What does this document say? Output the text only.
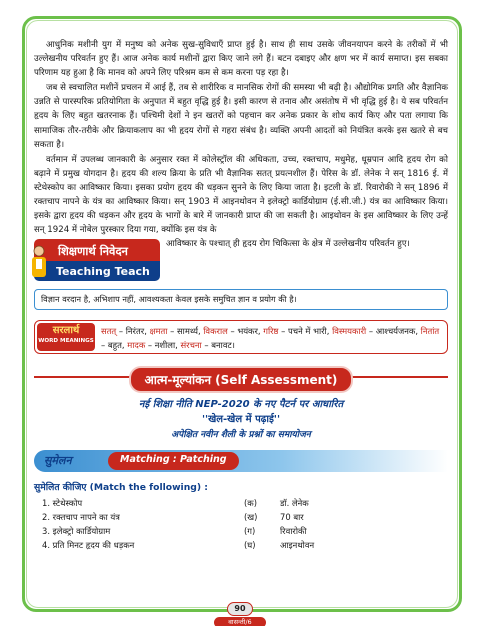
आधुनिक मशीनी युग में मनुष्य को अनेक सुख-सुविधाएँ प्राप्त हुई है। साथ ही साथ उसके जीवनयापन करने के तरीकों में भी उल्लेखनीय परिवर्तन हुए हैं। आज अनेक कार्य मशीनों द्वारा किए जाने लगे हैं। बटन दबाइए और क्षण भर में कार्य समाप्त। इस सबका परिणाम यह हुआ है कि मानव को अपने लिए परिश्रम कम से कम करना पड़ रहा है।

जब से स्वचालित मशीनें प्रचलन में आई हैं, तब से शारीरिक व मानसिक रोगों की समस्या भी बढ़ी है। औद्योगिक प्रगति और वैज्ञानिक उन्नति से पारस्परिक प्रतियोगिता के अनुपात में बहुत वृद्धि हुई है। इसी कारण से तनाव और असंतोष में भी वृद्धि हुई है। ये सब परिवर्तन हृदय के लिए बहुत खतरनाक हैं। पश्चिमी देशों ने इन खतरों को पहचान कर अनेक प्रकार के शोध कार्य किए और पता लगाया कि सामाजिक तौर-तरीके और क्रियाकलाप का भी हृदय रोगों से गहरा संबंध है। व्यक्ति अपनी आदतों को नियंत्रित करके इस खतरे से बच सकता है।

वर्तमान में उपलब्ध जानकारी के अनुसार रक्त में कोलेस्ट्रॉल की अधिकता, उच्च, रक्तचाप, मधुमेह, धूम्रपान आदि हृदय रोग को बढ़ाने में प्रमुख योगदान है। हृदय की शल्य क्रिया के प्रति भी वैज्ञानिक सतत् प्रयत्नशील हैं। पेरिस के डॉ. लेनेक ने सन् 1816 ई. में स्टेथेस्कोप का आविष्कार किया। इसका प्रयोग हृदय की धड़कन सुनने के लिए किया जाता है। इटली के डॉ. रिवारोकी ने सन् 1896 में रक्तचाप नापने के यंत्र का आविष्कार किया। सन् 1903 में आइनथोवन ने इलेक्ट्रो कार्डियोग्राम (ई.सी.जी.) यंत्र का आविष्कार किया। इसके द्वारा हृदय की धड़कन और हृदय के भागों के बारे में जानकारी प्राप्त की जा सकती है। आइथोवन के इस आविष्कार के लिए उन्हें सन् 1924 में नोबेल पुरस्कार दिया गया, क्योंकि इस यंत्र के

शिक्षणार्थ निवेदन
Teaching Teach

आविष्कार के पश्चात् ही हृदय रोग चिकित्सा के क्षेत्र में उल्लेखनीय परिवर्तन हुए।

विज्ञान वरदान है, अभिशाप नहीं, आवश्यकता केवल इसके समुचित ज्ञान व प्रयोग की है।
सरलार्थ
WORD MEANINGS
सतत् – निरंतर, क्षमता – सामर्थ्य, विकराल – भयंकर, गरिष्ठ – पचने में भारी, विस्मयकारी – आश्चर्यजनक, नितांत – बहुत, मादक – नशीला, संरचना – बनावट।
आत्म-मूल्यांकन (Self Assessment)
नई शिक्षा नीति NEP-2020 के नए पैटर्न पर आधारित
''खेल-खेल में पढ़ाई''
अपेक्षित नवीन शैली के प्रश्नों का समायोजन
सुमेलन	Matching : Patching
सुमेलित कीजिए (Match the following) :
1. स्टेथेस्कोप	(क)	डॉ. लेनेक
2. रक्तचाप नापने का यंत्र	(ख)	70 बार
3. इलेक्ट्रो कार्डियोग्राम	(ग)	रिवारोकी
4. प्रति मिनट हृदय की धड़कन	(घ)	आइनथोवन
90
वासन्ती/6
